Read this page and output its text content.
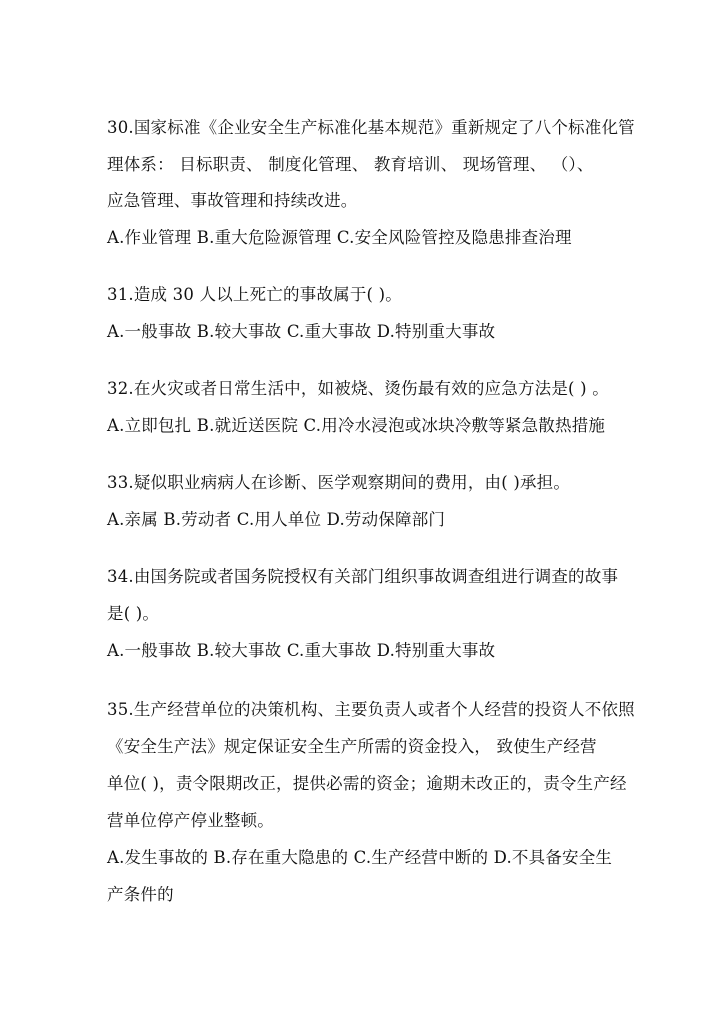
30.国家标准《企业安全生产标准化基本规范》重新规定了八个标准化管
理体系： 目标职责、 制度化管理、 教育培训、 现场管理、 （）、
应急管理、事故管理和持续改进。
A.作业管理 B.重大危险源管理 C.安全风险管控及隐患排查治理
31.造成 30 人以上死亡的事故属于( )。
A.一般事故 B.较大事故 C.重大事故 D.特别重大事故
32.在火灾或者日常生活中，如被烧、烫伤最有效的应急方法是( ) 。
A.立即包扎 B.就近送医院 C.用冷水浸泡或冰块冷敷等紧急散热措施
33.疑似职业病病人在诊断、医学观察期间的费用，由( )承担。
A.亲属 B.劳动者 C.用人单位 D.劳动保障部门
34.由国务院或者国务院授权有关部门组织事故调查组进行调查的故事
是( )。
A.一般事故 B.较大事故 C.重大事故 D.特别重大事故
35.生产经营单位的决策机构、主要负责人或者个人经营的投资人不依照
《安全生产法》规定保证安全生产所需的资金投入， 致使生产经营
单位( )，责令限期改正，提供必需的资金；逾期未改正的，责令生产经
营单位停产停业整顿。
A.发生事故的 B.存在重大隐患的 C.生产经营中断的 D.不具备安全生
产条件的
